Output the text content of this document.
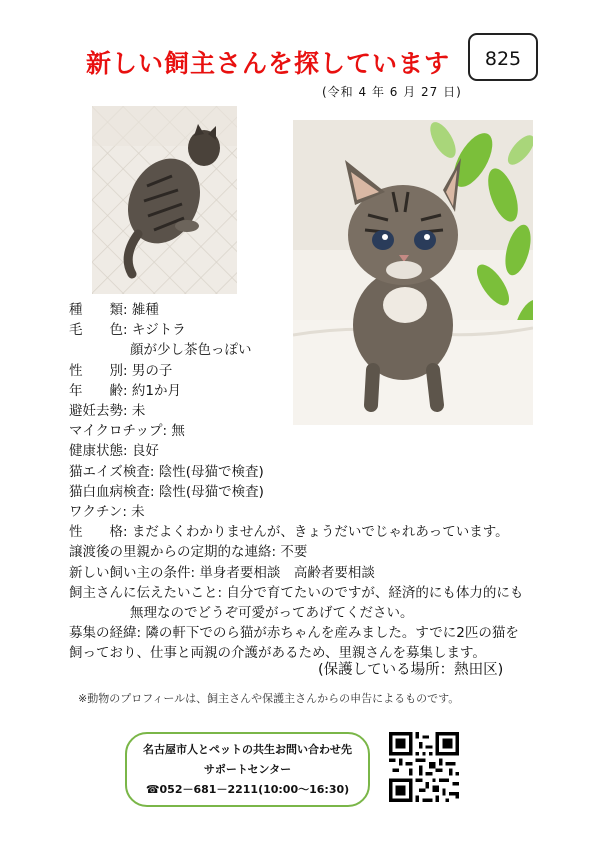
新しい飼主さんを探しています	825
(令和 4 年 6 月 27 日)
種　　類: 雑種
毛　　色: キジトラ
顔が少し茶色っぽい
性　　別: 男の子
年　　齢: 約1か月
避妊去勢: 未
マイクロチップ: 無
健康状態: 良好
猫エイズ検査: 陰性(母猫で検査)
猫白血病検査: 陰性(母猫で検査)
ワクチン: 未
性　　格: まだよくわかりませんが、きょうだいでじゃれあっています。
譲渡後の里親からの定期的な連絡: 不要
新しい飼い主の条件: 単身者要相談　高齢者要相談
飼主さんに伝えたいこと: 自分で育てたいのですが、経済的にも体力的にも
無理なのでどうぞ可愛がってあげてください。
募集の経緯: 隣の軒下でのら猫が赤ちゃんを産みました。すでに2匹の猫を
飼っており、仕事と両親の介護があるため、里親さんを募集します。
(保護している場所：熱田区)
※動物のプロフィールは、飼主さんや保護主さんからの申告によるものです。
名古屋市人とペットの共生お問い合わせ先
サポートセンター
☎052－681－2211(10:00～16:30)
